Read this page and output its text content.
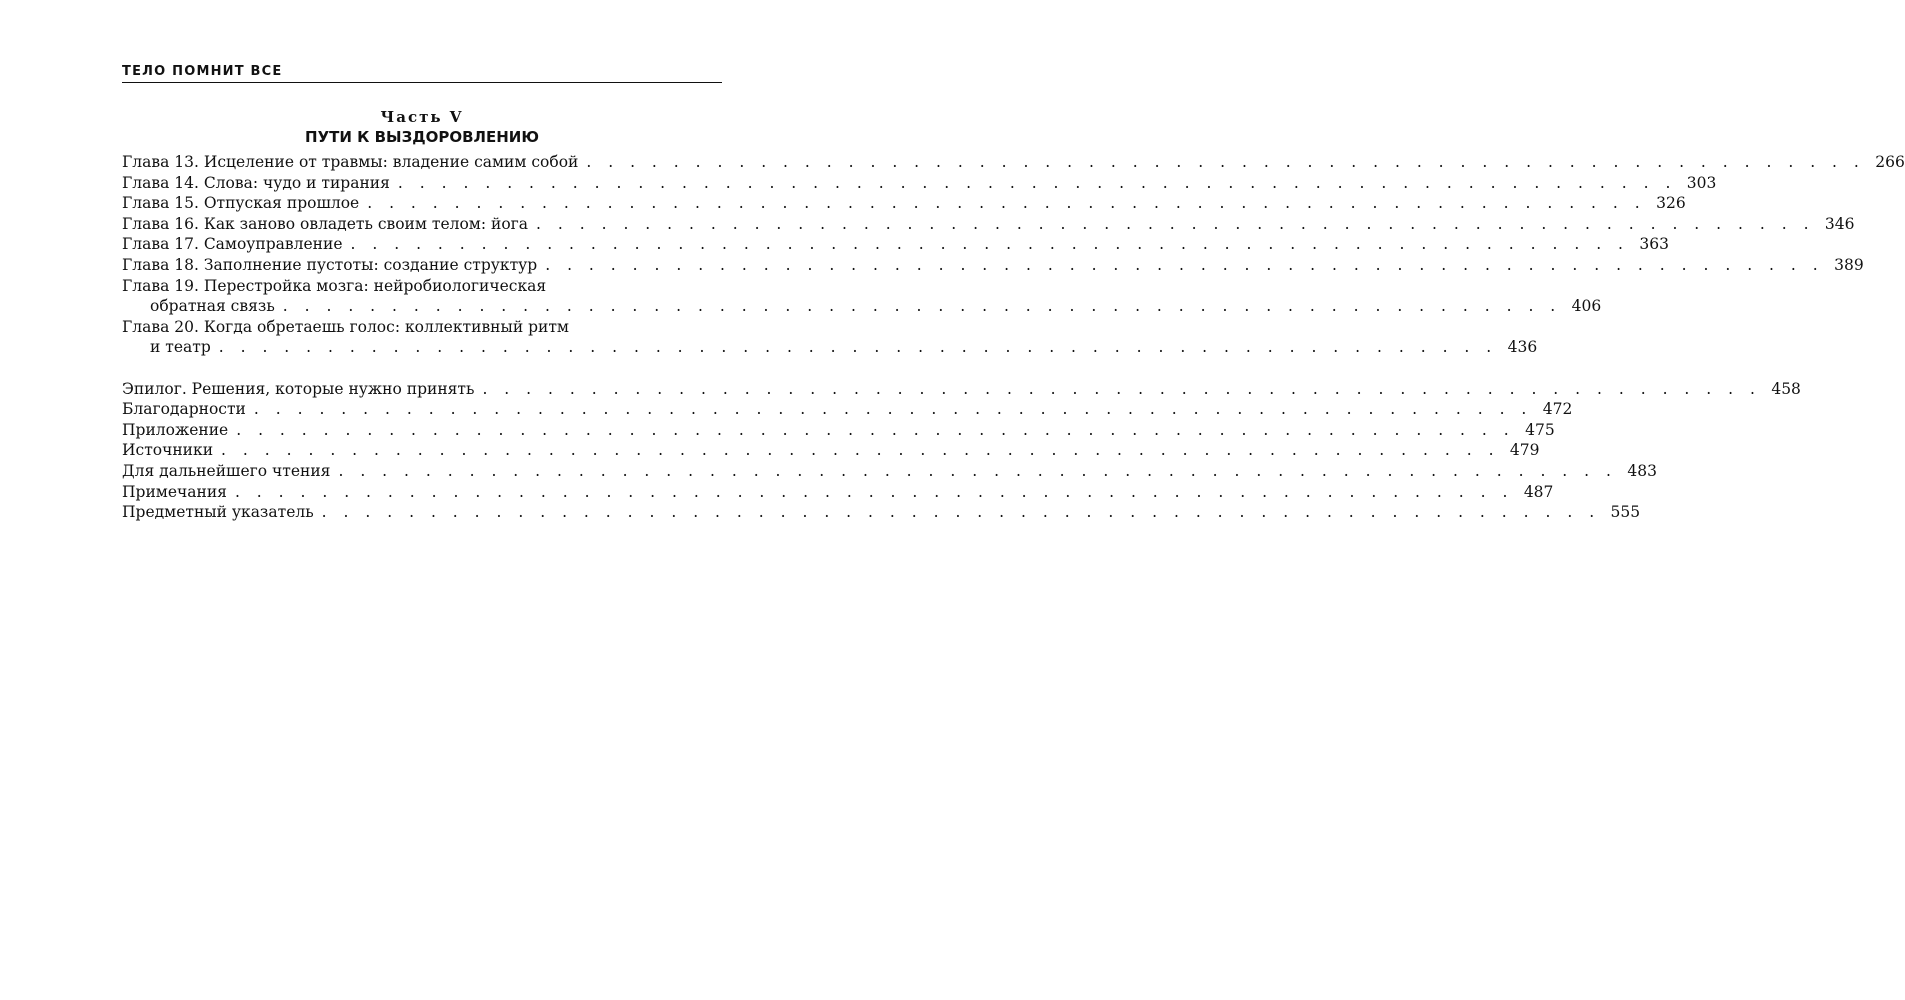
ТЕЛО ПОМНИТ ВСЕ
Часть V
ПУТИ К ВЫЗДОРОВЛЕНИЮ
Глава 13. Исцеление от травмы: владение самим собой . . . . . . . . . . . . . . . . . . . . . . . . . . . . . . . . . . . . . . . . . . . . . . . . . . . . . . . . . . . 266
Глава 14. Слова: чудо и тирания . . . . . . . . . . . . . . . . . . . . . . . . . . . . . . . . . . . . . . . . . . . . . . . . . . . . . . . . . . . 303
Глава 15. Отпуская прошлое . . . . . . . . . . . . . . . . . . . . . . . . . . . . . . . . . . . . . . . . . . . . . . . . . . . . . . . . . . . 326
Глава 16. Как заново овладеть своим телом: йога . . . . . . . . . . . . . . . . . . . . . . . . . . . . . . . . . . . . . . . . . . . . . . . . . . . . . . . . . . . 346
Глава 17. Самоуправление . . . . . . . . . . . . . . . . . . . . . . . . . . . . . . . . . . . . . . . . . . . . . . . . . . . . . . . . . . . 363
Глава 18. Заполнение пустоты: создание структур . . . . . . . . . . . . . . . . . . . . . . . . . . . . . . . . . . . . . . . . . . . . . . . . . . . . . . . . . . . 389
Глава 19. Перестройка мозга: нейробиологическая
обратная связь . . . . . . . . . . . . . . . . . . . . . . . . . . . . . . . . . . . . . . . . . . . . . . . . . . . . . . . . . . . 406
Глава 20. Когда обретаешь голос: коллективный ритм
и театр . . . . . . . . . . . . . . . . . . . . . . . . . . . . . . . . . . . . . . . . . . . . . . . . . . . . . . . . . . . 436
Эпилог. Решения, которые нужно принять . . . . . . . . . . . . . . . . . . . . . . . . . . . . . . . . . . . . . . . . . . . . . . . . . . . . . . . . . . . 458
Благодарности . . . . . . . . . . . . . . . . . . . . . . . . . . . . . . . . . . . . . . . . . . . . . . . . . . . . . . . . . . . 472
Приложение . . . . . . . . . . . . . . . . . . . . . . . . . . . . . . . . . . . . . . . . . . . . . . . . . . . . . . . . . . . 475
Источники . . . . . . . . . . . . . . . . . . . . . . . . . . . . . . . . . . . . . . . . . . . . . . . . . . . . . . . . . . . 479
Для дальнейшего чтения . . . . . . . . . . . . . . . . . . . . . . . . . . . . . . . . . . . . . . . . . . . . . . . . . . . . . . . . . . . 483
Примечания . . . . . . . . . . . . . . . . . . . . . . . . . . . . . . . . . . . . . . . . . . . . . . . . . . . . . . . . . . . 487
Предметный указатель . . . . . . . . . . . . . . . . . . . . . . . . . . . . . . . . . . . . . . . . . . . . . . . . . . . . . . . . . . . 555
